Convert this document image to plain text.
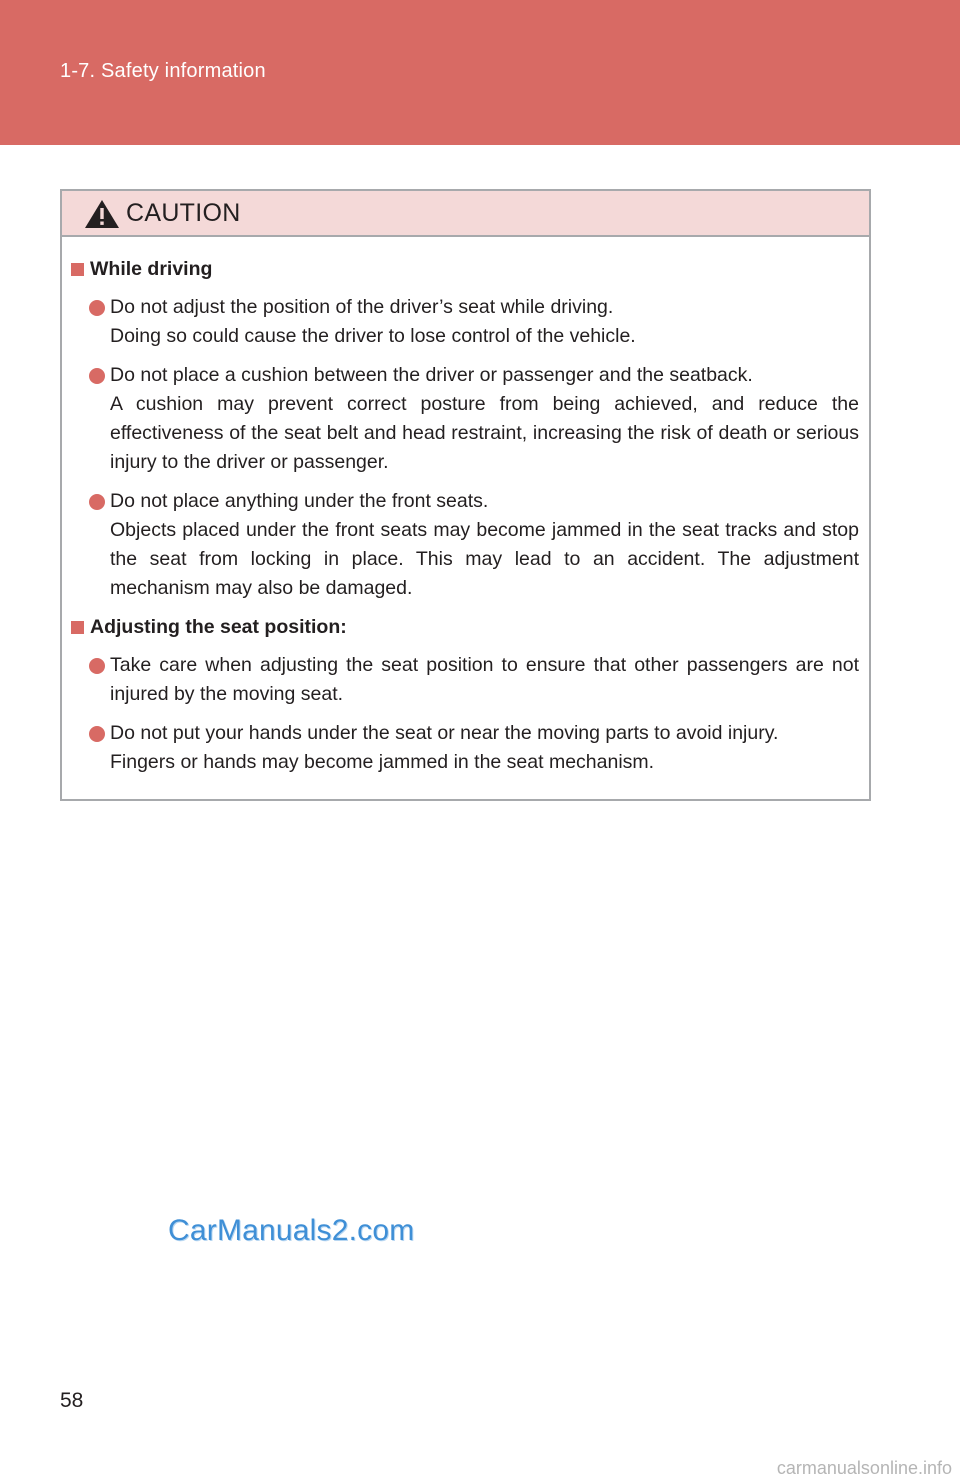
1-7. Safety information
CAUTION
While driving

Do not adjust the position of the driver’s seat while driving.

Doing so could cause the driver to lose control of the vehicle.

Do not place a cushion between the driver or passenger and the seatback.

A cushion may prevent correct posture from being achieved, and reduce the effectiveness of the seat belt and head restraint, increasing the risk of death or serious injury to the driver or passenger.

Do not place anything under the front seats.

Objects placed under the front seats may become jammed in the seat tracks and stop the seat from locking in place. This may lead to an accident. The adjustment mechanism may also be damaged.

Adjusting the seat position:

Take care when adjusting the seat position to ensure that other passengers are not injured by the moving seat.

Do not put your hands under the seat or near the moving parts to avoid injury.

Fingers or hands may become jammed in the seat mechanism.

CarManuals2.com
58
carmanualsonline.info
